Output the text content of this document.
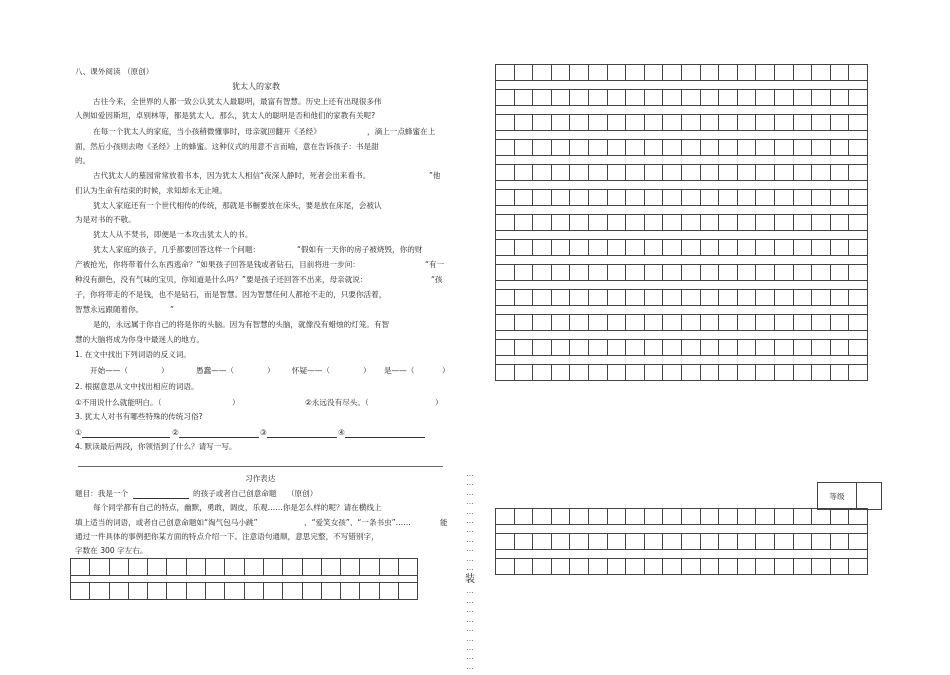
八、课外阅读 （原创）
犹太人的家教
古往今来，全世界的人都一致公认犹太人最聪明，最富有智慧。历史上还有出现很多伟
人例如爱因斯坦，卓别林等，都是犹太人。那么，犹太人的聪明是否和他们的家教有关呢?
在每一个犹太人的家庭，当小孩稍微懂事时，母亲就回翻开《圣经》	，滴上一点蜂蜜在上
面，然后小孩则去吻《圣经》上的蜂蜜。这种仪式的用意不言而喻，意在告诉孩子：书是甜
的。
古代犹太人的墓园常常放着书本，因为犹太人相信“夜深人静时，死者会出来看书。	”他
们认为生命有结束的时候，求知却永无止境。
犹太人家庭还有一个世代相传的传统，那就是书橱要放在床头，要是放在床尾，会被认
为是对书的不敬。
犹太人从不焚书，即便是一本攻击犹太人的书。
犹太人家庭的孩子，几乎都要回答这样一个问题：	“假如有一天你的房子被烧毁，你的财
产被抢光，你将带着什么东西逃命？”如果孩子回答是钱或者钻石，目前将进一步问：	“有一
种没有颜色，没有气味的宝贝，你知道是什么吗？”要是孩子还回答不出来，母亲就说：	“孩
子，你将带走的不是钱，也不是钻石，而是智慧。因为智慧任何人都抢不走的，只要你活着，
智慧永远跟随着你。	”
是的，永远属于你自己的将是你的头脑。因为有智慧的头脑，就像没有蜡烛的灯笼。有智
慧的大脑将成为你身中最迷人的地方。
1. 在文中找出下列词语的反义词。
开始——（	）	愚蠢——（	） 怀疑——（	） 是——（	）
2. 根据意思从文中找出相应的词语。
①不用说什么就能明白。（	）	②永远没有尽头。（	）
3. 犹太人对书有哪些特殊的传统习俗?
①	②	③	④
4. 默读最后两段，你领悟到了什么？请写一写。
习作表达
题目：我是一个	的孩子或者自己创意命题 （原创）
每个同学都有自己的特点，幽默，勇敢，调皮，乐观……你是怎么样的呢？请在横线上
填上适当的词语，或者自己创意命题如“淘气包马小跳”	、“爱笑女孩”、“一条书虫”……	能
通过一件具体的事例把你某方面的特点介绍一下。注意语句通顺，意思完整，不写错别字，
字数在 300 字左右。

…
…
…
…
…
…
…
…
…
…
…
装
…
…
…
…
…
…
…
…
…

等级	
